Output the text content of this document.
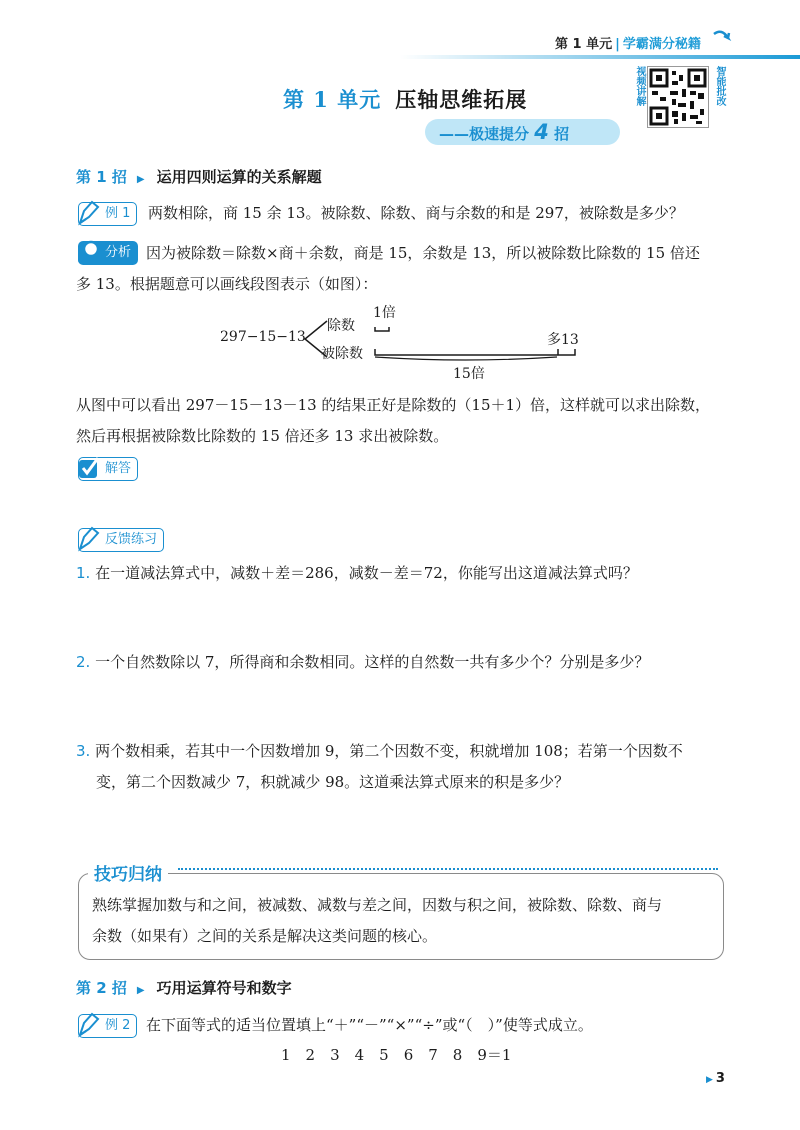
第 1 单元 | 学霸满分秘籍
第 1 单元 压轴思维拓展
——极速提分 4 招
视频讲解	智能批改
第 1 招 ▶ 运用四则运算的关系解题
例 1	两数相除，商 15 余 13。被除数、除数、商与余数的和是 297，被除数是多少？
分析 因为被除数＝除数×商＋余数，商是 15，余数是 13，所以被除数比除数的 15 倍还
多 13。根据题意可以画线段图表示（如图）：
297−15−13
除数
被除数
1倍
多13
15倍
从图中可以看出 297－15－13－13 的结果正好是除数的（15＋1）倍，这样就可以求出除数，
然后再根据被除数比除数的 15 倍还多 13 求出被除数。
解答
反馈练习
1. 在一道减法算式中，减数＋差＝286，减数－差＝72，你能写出这道减法算式吗？
2. 一个自然数除以 7，所得商和余数相同。这样的自然数一共有多少个？分别是多少？
3. 两个数相乘，若其中一个因数增加 9，第二个因数不变，积就增加 108；若第一个因数不
变，第二个因数减少 7，积就减少 98。这道乘法算式原来的积是多少？
技巧归纳
熟练掌握加数与和之间，被减数、减数与差之间，因数与积之间，被除数、除数、商与
余数（如果有）之间的关系是解决这类问题的核心。
第 2 招 ▶ 巧用运算符号和数字
例 2	在下面等式的适当位置填上“＋”“－”“×”“÷”或“（　）”使等式成立。
1　2　3　4　5　6　7　8　9＝1
▶ 3
